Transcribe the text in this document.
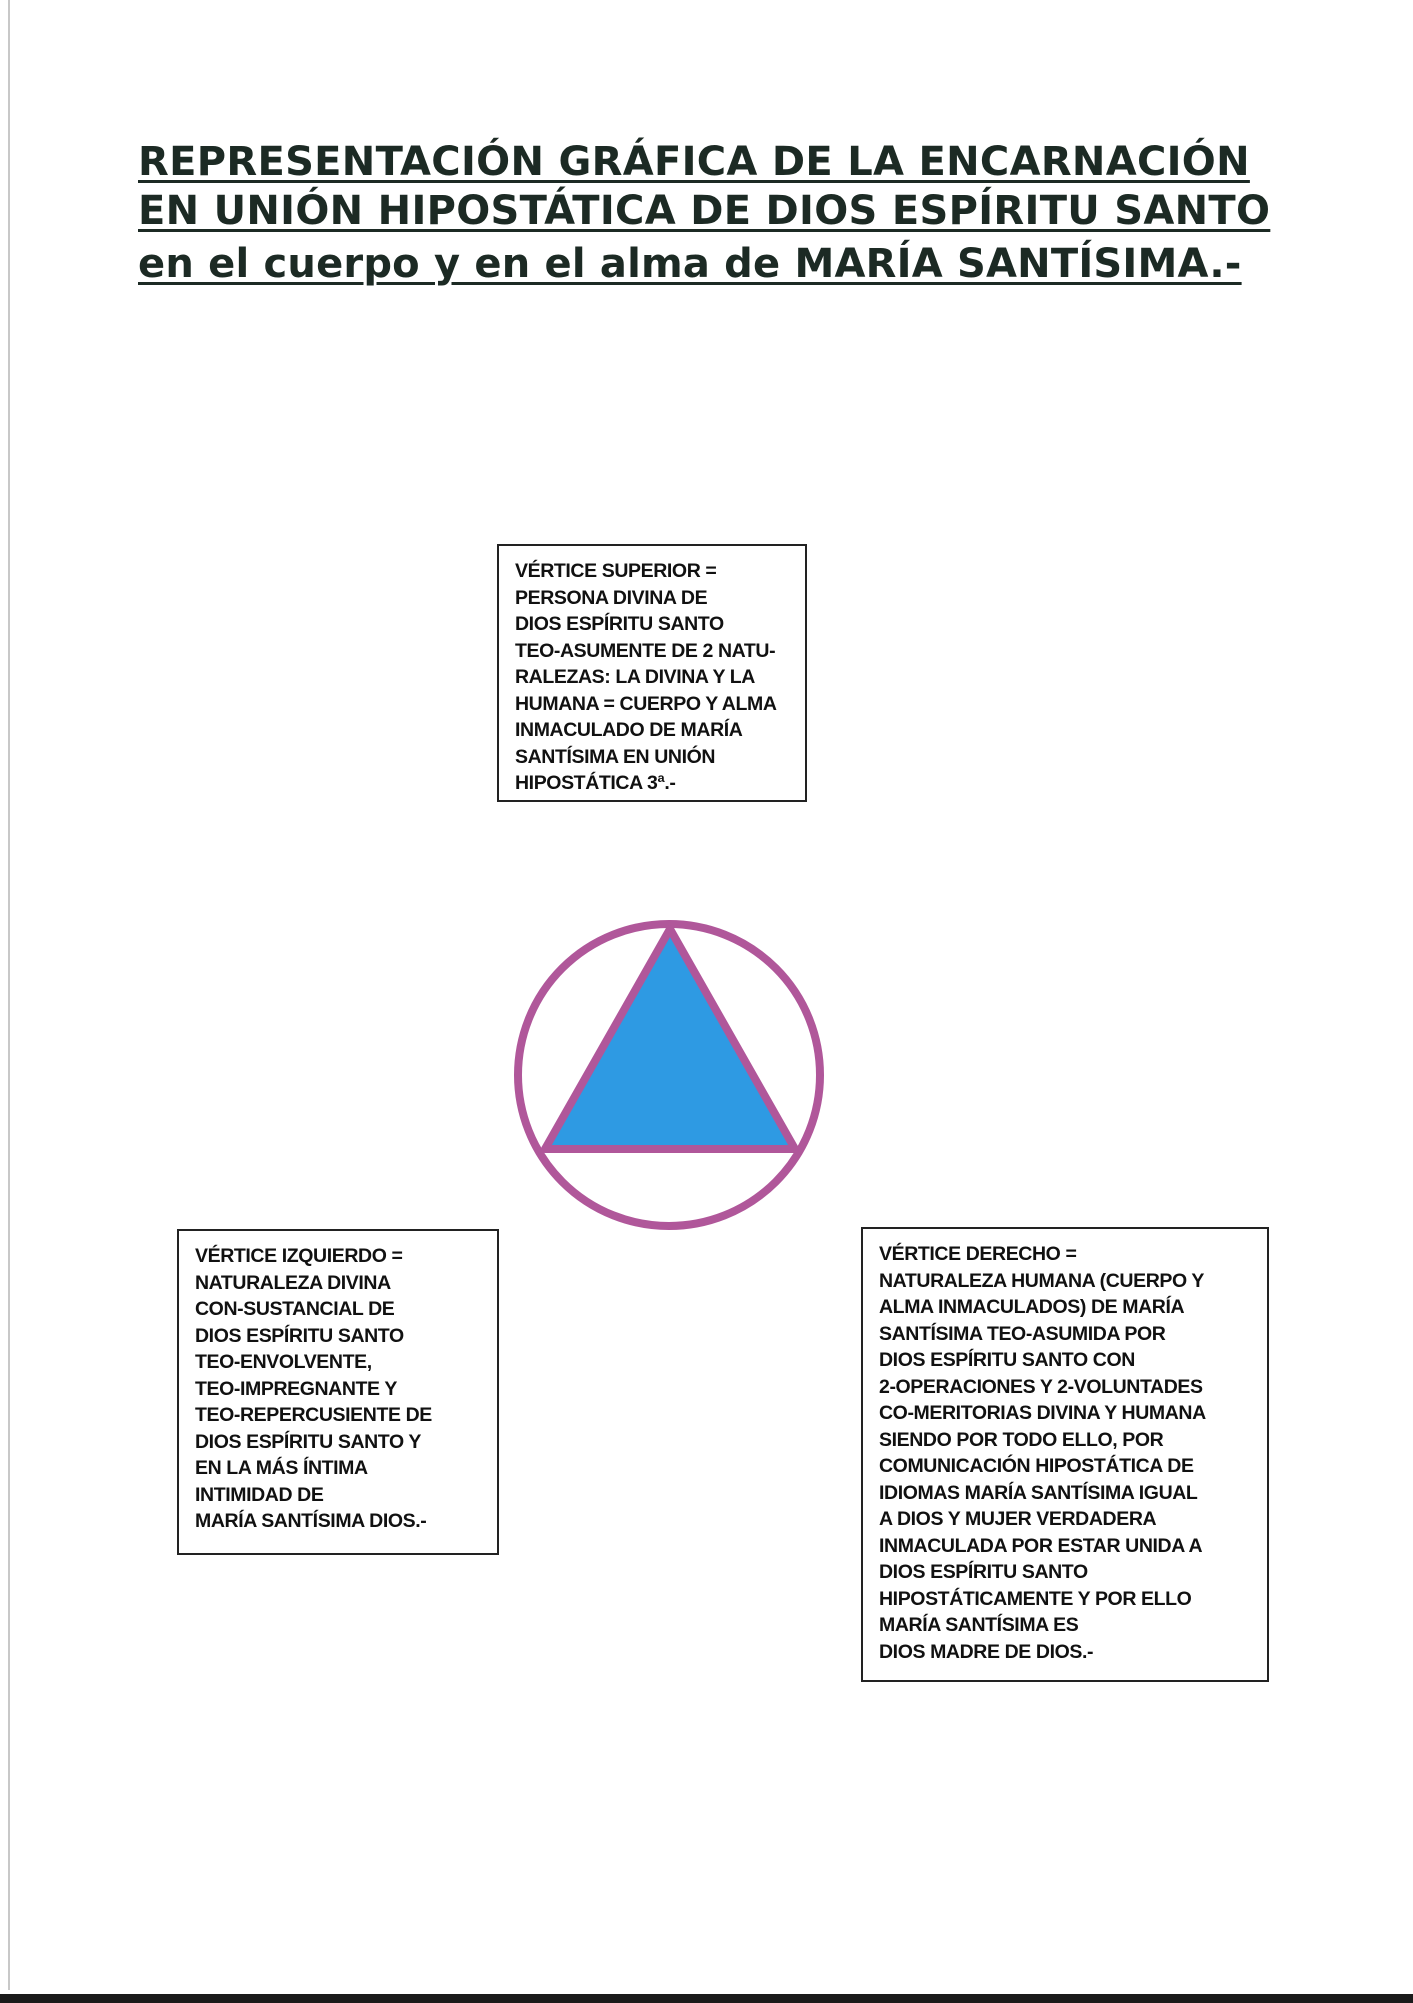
REPRESENTACIÓN GRÁFICA DE LA ENCARNACIÓN
EN UNIÓN HIPOSTÁTICA DE DIOS ESPÍRITU SANTO
en el cuerpo y en el alma de MARÍA SANTÍSIMA.-
VÉRTICE SUPERIOR =
PERSONA DIVINA DE
DIOS ESPÍRITU SANTO
TEO-ASUMENTE DE 2 NATU-
RALEZAS: LA DIVINA Y LA
HUMANA = CUERPO Y ALMA
INMACULADO DE MARÍA
SANTÍSIMA EN UNIÓN
HIPOSTÁTICA 3ª.-
VÉRTICE IZQUIERDO =
NATURALEZA DIVINA
CON-SUSTANCIAL DE
DIOS ESPÍRITU SANTO
TEO-ENVOLVENTE,
TEO-IMPREGNANTE Y
TEO-REPERCUSIENTE DE
DIOS ESPÍRITU SANTO Y
EN LA MÁS ÍNTIMA
INTIMIDAD DE
MARÍA SANTÍSIMA DIOS.-
VÉRTICE DERECHO =
NATURALEZA HUMANA (CUERPO Y
ALMA INMACULADOS) DE MARÍA
SANTÍSIMA TEO-ASUMIDA POR
DIOS ESPÍRITU SANTO CON
2-OPERACIONES Y 2-VOLUNTADES
CO-MERITORIAS DIVINA Y HUMANA
SIENDO POR TODO ELLO, POR
COMUNICACIÓN HIPOSTÁTICA DE
IDIOMAS MARÍA SANTÍSIMA IGUAL
A DIOS Y MUJER VERDADERA
INMACULADA POR ESTAR UNIDA A
DIOS ESPÍRITU SANTO
HIPOSTÁTICAMENTE Y POR ELLO
MARÍA SANTÍSIMA ES
DIOS MADRE DE DIOS.-
